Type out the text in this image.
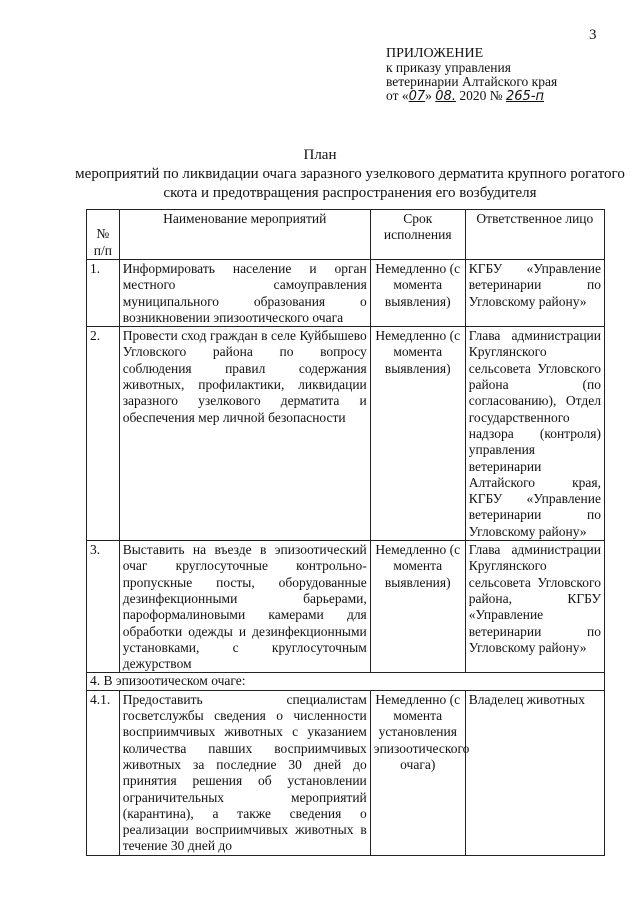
3
ПРИЛОЖЕНИЕ
к приказу управления
ветеринарии Алтайского края
от «07» 08. 2020 № 265-п
План
мероприятий по ликвидации очага заразного узелкового дерматита крупного рогатого скота и предотвращения распространения его возбудителя
№ п/п	Наименование мероприятий	Срок исполнения	Ответственное лицо
1.	Информировать население и орган местного самоуправления муниципального образования о возникновении эпизоотического очага	Немедленно (с момента выявления)	КГБУ «Управление ветеринарии по Угловскому району»
2.	Провести сход граждан в селе Куйбышево Угловского района по вопросу соблюдения правил содержания животных, профилактики, ликвидации заразного узелкового дерматита и обеспечения мер личной безопасности	Немедленно (с момента выявления)	Глава администрации Круглянского сельсовета Угловского района (по согласованию), Отдел государственного надзора (контроля) управления ветеринарии Алтайского края, КГБУ «Управление ветеринарии по Угловскому району»
3.	Выставить на въезде в эпизоотический очаг круглосуточные контрольно-пропускные посты, оборудованные дезинфекционными барьерами, пароформалиновыми камерами для обработки одежды и дезинфекционными установками, с круглосуточным дежурством	Немедленно (с момента выявления)	Глава администрации Круглянского сельсовета Угловского района, КГБУ «Управление ветеринарии по Угловскому району»
4. В эпизоотическом очаге:			
4.1.	Предоставить специалистам госветслужбы сведения о численности восприимчивых животных с указанием количества павших восприимчивых животных за последние 30 дней до принятия решения об установлении ограничительных мероприятий (карантина), а также сведения о реализации восприимчивых животных в течение 30 дней до	Немедленно (с момента установления эпизоотического очага)	Владелец животных
